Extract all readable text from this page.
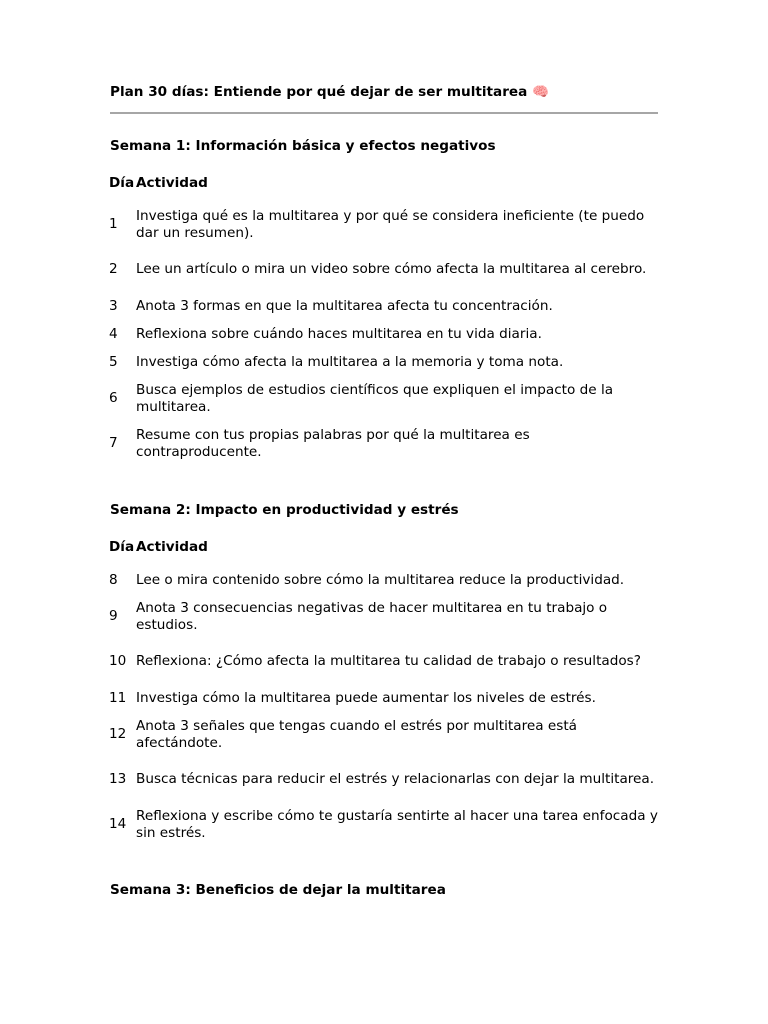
Plan 30 días: Entiende por qué dejar de ser multitarea 🧠
Semana 1: Información básica y efectos negativos
Día	Actividad
1	Investiga qué es la multitarea y por qué se considera ineficiente (te puedo dar un resumen).
2	Lee un artículo o mira un video sobre cómo afecta la multitarea al cerebro.
3	Anota 3 formas en que la multitarea afecta tu concentración.
4	Reflexiona sobre cuándo haces multitarea en tu vida diaria.
5	Investiga cómo afecta la multitarea a la memoria y toma nota.
6	Busca ejemplos de estudios científicos que expliquen el impacto de la multitarea.
7	Resume con tus propias palabras por qué la multitarea es contraproducente.
Semana 2: Impacto en productividad y estrés
Día	Actividad
8	Lee o mira contenido sobre cómo la multitarea reduce la productividad.
9	Anota 3 consecuencias negativas de hacer multitarea en tu trabajo o estudios.
10	Reflexiona: ¿Cómo afecta la multitarea tu calidad de trabajo o resultados?
11	Investiga cómo la multitarea puede aumentar los niveles de estrés.
12	Anota 3 señales que tengas cuando el estrés por multitarea está afectándote.
13	Busca técnicas para reducir el estrés y relacionarlas con dejar la multitarea.
14	Reflexiona y escribe cómo te gustaría sentirte al hacer una tarea enfocada y sin estrés.
Semana 3: Beneficios de dejar la multitarea
